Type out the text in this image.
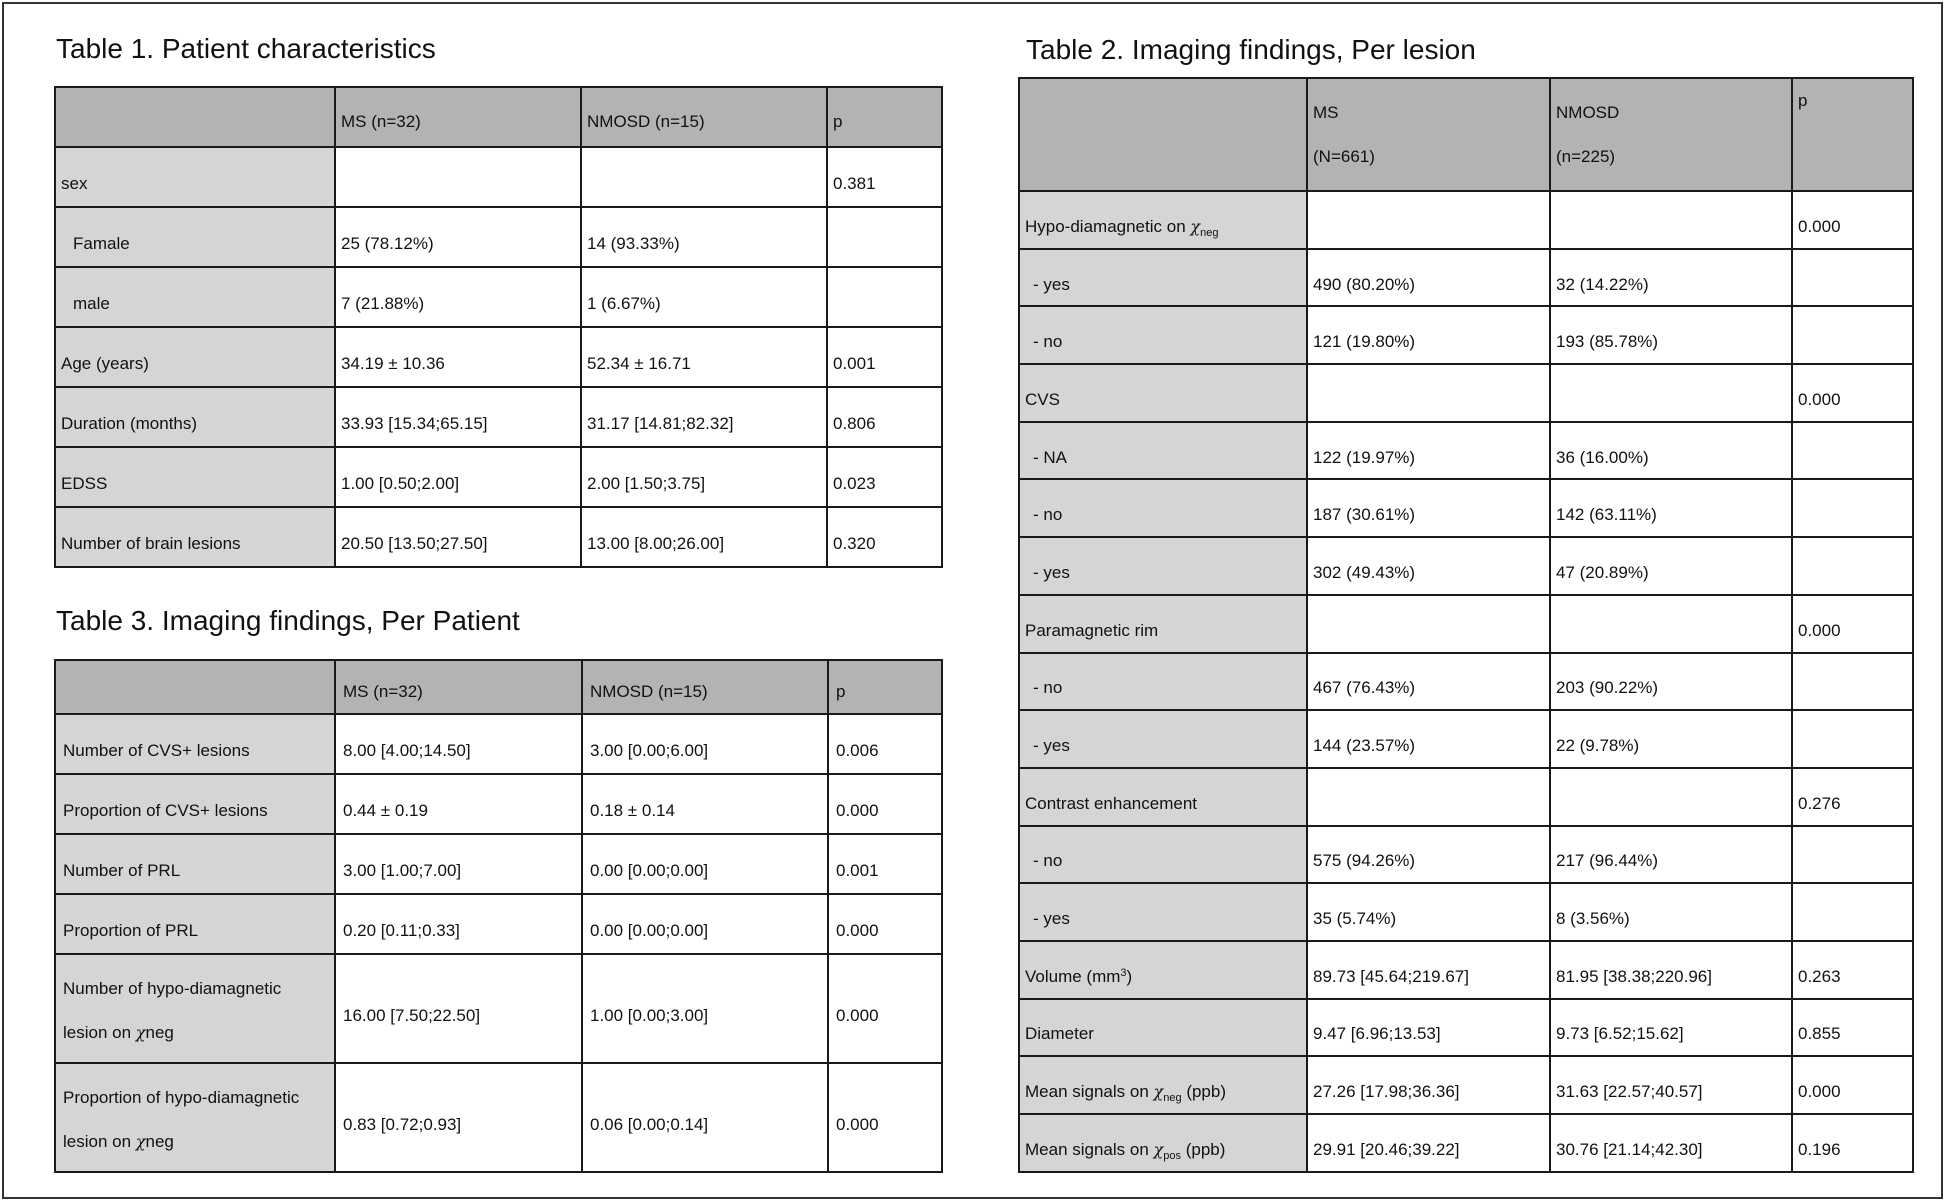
Table 1. Patient characteristics
	MS (n=32)	NMOSD (n=15)	p
sex			0.381
Famale	25 (78.12%)	14 (93.33%)	
male	7 (21.88%)	1 (6.67%)	
Age (years)	34.19 ± 10.36	52.34 ± 16.71	0.001
Duration (months)	33.93 [15.34;65.15]	31.17 [14.81;82.32]	0.806
EDSS	1.00 [0.50;2.00]	2.00 [1.50;3.75]	0.023
Number of brain lesions	20.50 [13.50;27.50]	13.00 [8.00;26.00]	0.320
Table 3. Imaging findings, Per Patient
	MS (n=32)	NMOSD (n=15)	p
Number of CVS+ lesions	8.00 [4.00;14.50]	3.00 [0.00;6.00]	0.006
Proportion of CVS+ lesions	0.44 ± 0.19	0.18 ± 0.14	0.000
Number of PRL	3.00 [1.00;7.00]	0.00 [0.00;0.00]	0.001
Proportion of PRL	0.20 [0.11;0.33]	0.00 [0.00;0.00]	0.000

Number of hypo-diamagnetic
lesion on χneg	16.00 [7.50;22.50]	1.00 [0.00;3.00]	0.000

Proportion of hypo-diamagnetic
lesion on χneg	0.83 [0.72;0.93]	0.06 [0.00;0.14]	0.000
Table 2. Imaging findings, Per lesion

	MS
(N=661)	NMOSD
(n=225)	p

Hypo-diamagnetic on $\chi_{neg}$			0.000
- yes	490 (80.20%)	32 (14.22%)	
- no	121 (19.80%)	193 (85.78%)	
CVS			0.000
- NA	122 (19.97%)	36 (16.00%)	
- no	187 (30.61%)	142 (63.11%)	
- yes	302 (49.43%)	47 (20.89%)	
Paramagnetic rim			0.000
- no	467 (76.43%)	203 (90.22%)	
- yes	144 (23.57%)	22 (9.78%)	
Contrast enhancement			0.276
- no	575 (94.26%)	217 (96.44%)	
- yes	35 (5.74%)	8 (3.56%)	
Volume $(mm^3)$	89.73 [45.64;219.67]	81.95 [38.38;220.96]	0.263
Diameter	9.47 [6.96;13.53]	9.73 [6.52;15.62]	0.855
Mean signals on $\chi_{neg}$ (ppb)	27.26 [17.98;36.36]	31.63 [22.57;40.57]	0.000
Mean signals on $\chi_{pos}$ (ppb)	29.91 [20.46;39.22]	30.76 [21.14;42.30]	0.196
